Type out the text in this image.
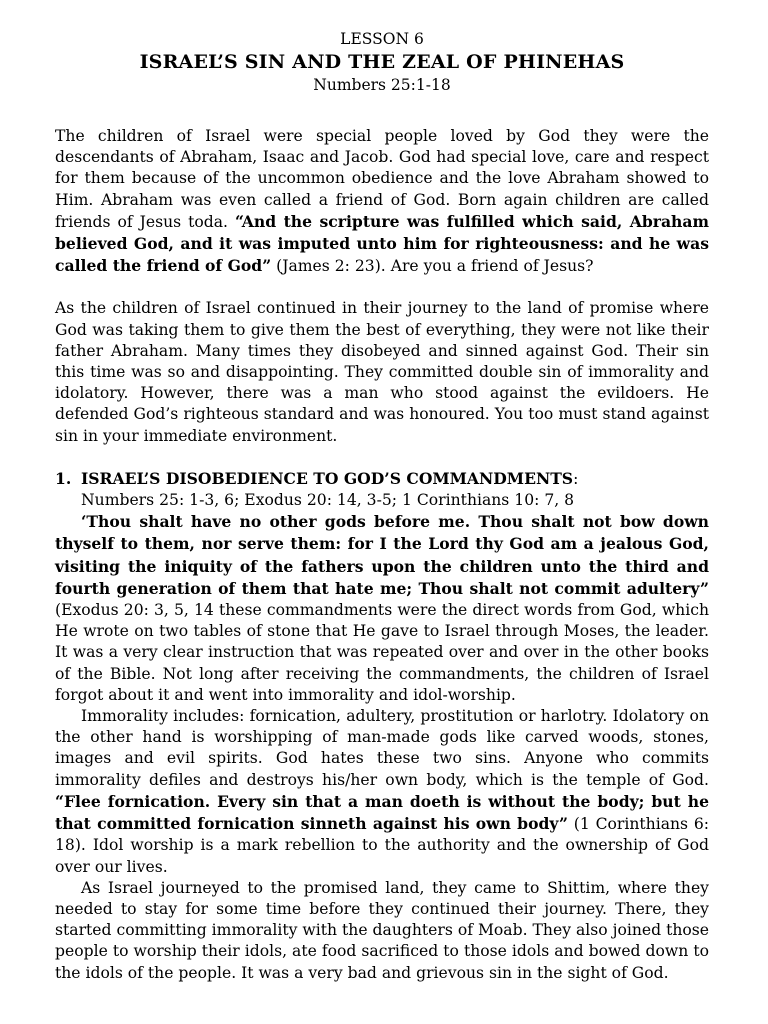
LESSON 6
ISRAEL’S SIN AND THE ZEAL OF PHINEHAS
Numbers 25:1-18

The children of Israel were special people loved by God they were the descendants of Abraham, Isaac and Jacob. God had special love, care and respect for them because of the uncommon obedience and the love Abraham showed to Him. Abraham was even called a friend of God. Born again children are called friends of Jesus toda. “And the scripture was fulfilled which said, Abraham believed God, and it was imputed unto him for righteousness: and he was called the friend of God” (James 2: 23). Are you a friend of Jesus?

As the children of Israel continued in their journey to the land of promise where God was taking them to give them the best of everything, they were not like their father Abraham. Many times they disobeyed and sinned against God. Their sin this time was so and disappointing. They committed double sin of immorality and idolatory. However, there was a man who stood against the evildoers. He defended God’s righteous standard and was honoured. You too must stand against sin in your immediate environment.

1. ISRAEL’S DISOBEDIENCE TO GOD’S COMMANDMENTS:
Numbers 25: 1-3, 6; Exodus 20: 14, 3-5; 1 Corinthians 10: 7, 8

‘Thou shalt have no other gods before me. Thou shalt not bow down thyself to them, nor serve them: for I the Lord thy God am a jealous God, visiting the iniquity of the fathers upon the children unto the third and fourth generation of them that hate me; Thou shalt not commit adultery” (Exodus 20: 3, 5, 14 these commandments were the direct words from God, which He wrote on two tables of stone that He gave to Israel through Moses, the leader. It was a very clear instruction that was repeated over and over in the other books of the Bible. Not long after receiving the commandments, the children of Israel forgot about it and went into immorality and idol-worship.

Immorality includes: fornication, adultery, prostitution or harlotry. Idolatory on the other hand is worshipping of man-made gods like carved woods, stones, images and evil spirits. God hates these two sins. Anyone who commits immorality defiles and destroys his/her own body, which is the temple of God. “Flee fornication. Every sin that a man doeth is without the body; but he that committed fornication sinneth against his own body” (1 Corinthians 6: 18). Idol worship is a mark rebellion to the authority and the ownership of God over our lives.

As Israel journeyed to the promised land, they came to Shittim, where they needed to stay for some time before they continued their journey. There, they started committing immorality with the daughters of Moab. They also joined those people to worship their idols, ate food sacrificed to those idols and bowed down to the idols of the people. It was a very bad and grievous sin in the sight of God.
